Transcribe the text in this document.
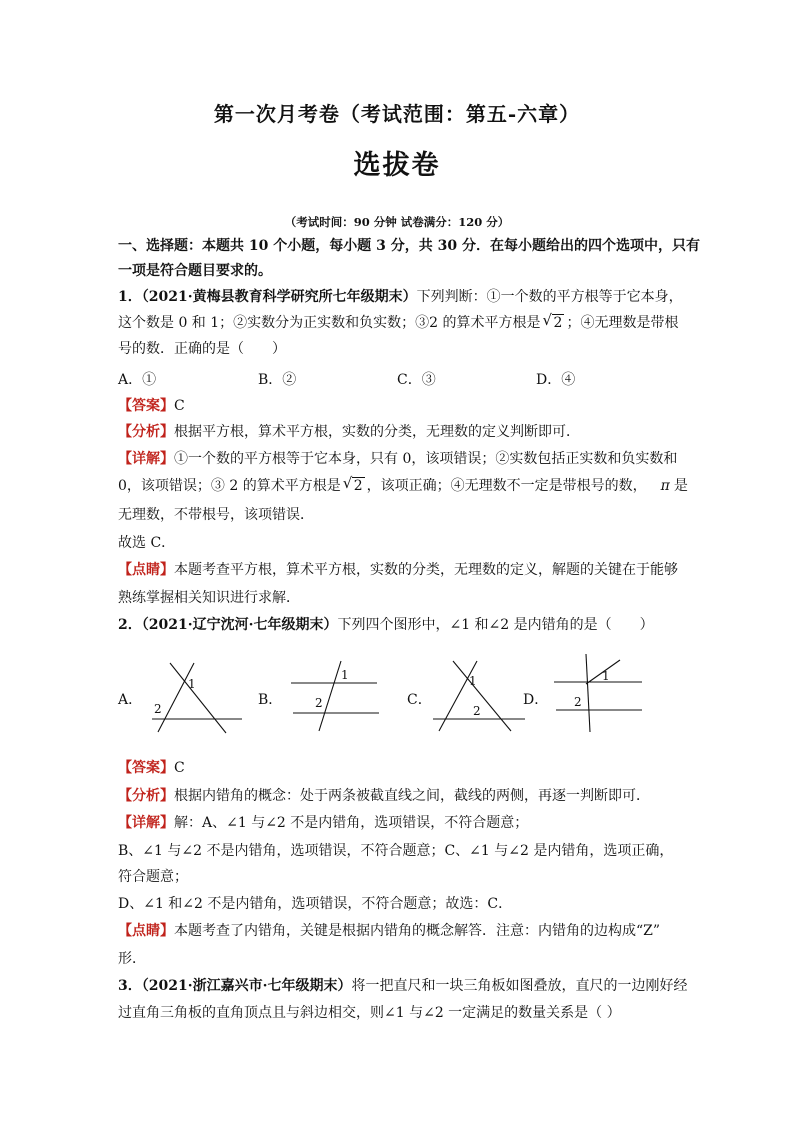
第一次月考卷（考试范围：第五-六章）
选拔卷
（考试时间：90 分钟 试卷满分：120 分）
一、选择题：本题共 10 个小题，每小题 3 分，共 30 分．在每小题给出的四个选项中，只有
一项是符合题目要求的。
1．（2021·黄梅县教育科学研究所七年级期末）下列判断：①一个数的平方根等于它本身，
这个数是 0 和 1；②实数分为正实数和负实数；③2 的算术平方根是 √ 2 ；④无理数是带根
号的数．正确的是（　　）
A．①	B．②	C．③	D．④
【答案】C
【分析】根据平方根，算术平方根，实数的分类，无理数的定义判断即可．
【详解】①一个数的平方根等于它本身，只有 0，该项错误；②实数包括正实数和负实数和
0，该项错误；③ 2 的算术平方根是 √ 2 ，该项正确；④无理数不一定是带根号的数， π 是
无理数，不带根号，该项错误．
故选 C．
【点睛】本题考查平方根，算术平方根，实数的分类，无理数的定义，解题的关键在于能够
熟练掌握相关知识进行求解．
2．（2021·辽宁沈河·七年级期末）下列四个图形中，∠1 和∠2 是内错角的是（　　）
A．
1
2
B．
1
2	C．
1
2
D．
1
2
【答案】C
【分析】根据内错角的概念：处于两条被截直线之间，截线的两侧，再逐一判断即可．
【详解】解：A、∠1 与∠2 不是内错角，选项错误，不符合题意；
B、∠1 与∠2 不是内错角，选项错误，不符合题意；C、∠1 与∠2 是内错角，选项正确，
符合题意；
D、∠1 和∠2 不是内错角，选项错误，不符合题意；故选：C．
【点睛】本题考查了内错角，关键是根据内错角的概念解答．注意：内错角的边构成“Z”
形．
3．（2021·浙江嘉兴市·七年级期末）将一把直尺和一块三角板如图叠放，直尺的一边刚好经
过直角三角板的直角顶点且与斜边相交，则∠1 与∠2 一定满足的数量关系是（ ）
